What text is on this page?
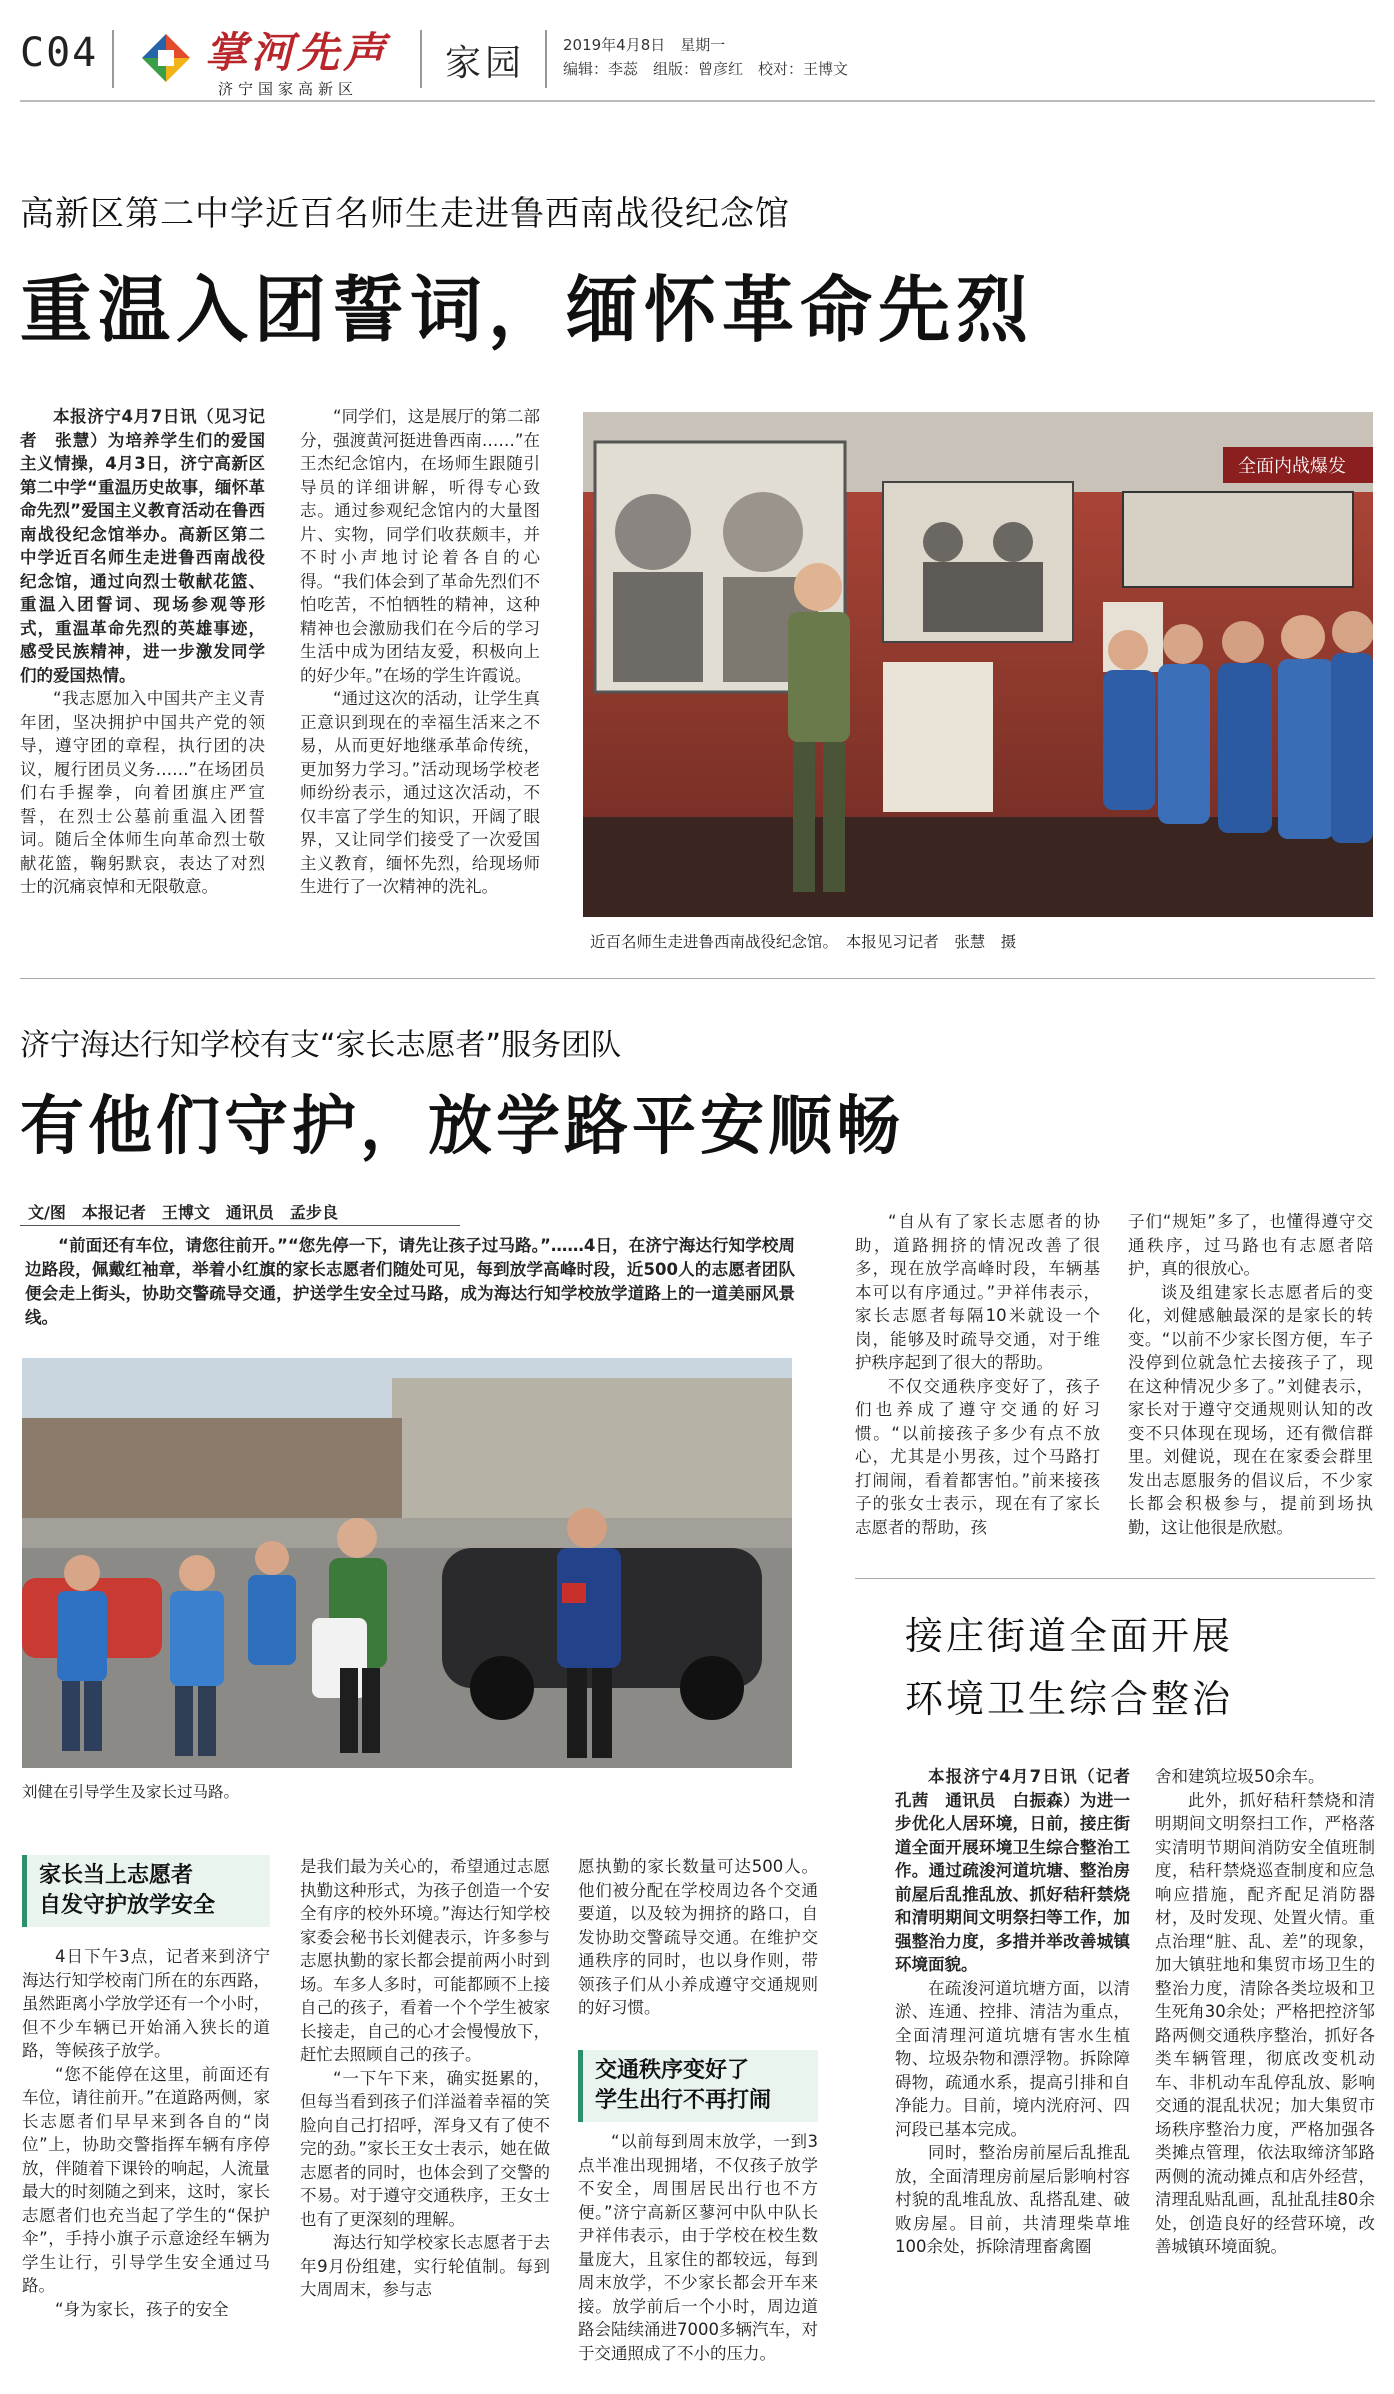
C04	掌河先声
济宁国家高新区
家园	2019年4月8日　星期一
编辑：李蕊　组版：曾彦红　校对：王博文
高新区第二中学近百名师生走进鲁西南战役纪念馆
重温入团誓词，缅怀革命先烈

本报济宁4月7日讯（见习记者　张慧）为培养学生们的爱国主义情操，4月3日，济宁高新区第二中学“重温历史故事，缅怀革命先烈”爱国主义教育活动在鲁西南战役纪念馆举办。高新区第二中学近百名师生走进鲁西南战役纪念馆，通过向烈士敬献花篮、重温入团誓词、现场参观等形式，重温革命先烈的英雄事迹，感受民族精神，进一步激发同学们的爱国热情。

“我志愿加入中国共产主义青年团，坚决拥护中国共产党的领导，遵守团的章程，执行团的决议，履行团员义务……”在场团员们右手握拳，向着团旗庄严宣誓，在烈士公墓前重温入团誓词。随后全体师生向革命烈士敬献花篮，鞠躬默哀，表达了对烈士的沉痛哀悼和无限敬意。

“同学们，这是展厅的第二部分，强渡黄河挺进鲁西南……”在王杰纪念馆内，在场师生跟随引导员的详细讲解，听得专心致志。通过参观纪念馆内的大量图片、实物，同学们收获颇丰，并不时小声地讨论着各自的心得。“我们体会到了革命先烈们不怕吃苦，不怕牺牲的精神，这种精神也会激励我们在今后的学习生活中成为团结友爱，积极向上的好少年。”在场的学生许霞说。

“通过这次的活动，让学生真正意识到现在的幸福生活来之不易，从而更好地继承革命传统，更加努力学习。”活动现场学校老师纷纷表示，通过这次活动，不仅丰富了学生的知识，开阔了眼界，又让同学们接受了一次爱国主义教育，缅怀先烈，给现场师生进行了一次精神的洗礼。

全面内战爆发
近百名师生走进鲁西南战役纪念馆。　本报见习记者　张慧　摄
济宁海达行知学校有支“家长志愿者”服务团队
有他们守护，放学路平安顺畅
文/图　本报记者　王博文　通讯员　孟步良

“前面还有车位，请您往前开。”“您先停一下，请先让孩子过马路。”……4日，在济宁海达行知学校周边路段，佩戴红袖章，举着小红旗的家长志愿者们随处可见，每到放学高峰时段，近500人的志愿者团队便会走上街头，协助交警疏导交通，护送学生安全过马路，成为海达行知学校放学道路上的一道美丽风景线。

刘健在引导学生及家长过马路。
家长当上志愿者
自发守护放学安全

4日下午3点，记者来到济宁海达行知学校南门所在的东西路，虽然距离小学放学还有一个小时，但不少车辆已开始涌入狭长的道路，等候孩子放学。

“您不能停在这里，前面还有车位，请往前开。”在道路两侧，家长志愿者们早早来到各自的“岗位”上，协助交警指挥车辆有序停放，伴随着下课铃的响起，人流量最大的时刻随之到来，这时，家长志愿者们也充当起了学生的“保护伞”，手持小旗子示意途经车辆为学生让行，引导学生安全通过马路。

“身为家长，孩子的安全

是我们最为关心的，希望通过志愿执勤这种形式，为孩子创造一个安全有序的校外环境。”海达行知学校家委会秘书长刘健表示，许多参与志愿执勤的家长都会提前两小时到场。车多人多时，可能都顾不上接自己的孩子，看着一个个学生被家长接走，自己的心才会慢慢放下，赶忙去照顾自己的孩子。

“一下午下来，确实挺累的，但每当看到孩子们洋溢着幸福的笑脸向自己打招呼，浑身又有了使不完的劲。”家长王女士表示，她在做志愿者的同时，也体会到了交警的不易。对于遵守交通秩序，王女士也有了更深刻的理解。

海达行知学校家长志愿者于去年9月份组建，实行轮值制。每到大周周末，参与志

愿执勤的家长数量可达500人。他们被分配在学校周边各个交通要道，以及较为拥挤的路口，自发协助交警疏导交通。在维护交通秩序的同时，也以身作则，带领孩子们从小养成遵守交通规则的好习惯。

交通秩序变好了
学生出行不再打闹

“以前每到周末放学，一到3点半准出现拥堵，不仅孩子放学不安全，周围居民出行也不方便。”济宁高新区蓼河中队中队长尹祥伟表示，由于学校在校生数量庞大，且家住的都较远，每到周末放学，不少家长都会开车来接。放学前后一个小时，周边道路会陆续涌进7000多辆汽车，对于交通照成了不小的压力。

“自从有了家长志愿者的协助，道路拥挤的情况改善了很多，现在放学高峰时段，车辆基本可以有序通过。”尹祥伟表示，家长志愿者每隔10米就设一个岗，能够及时疏导交通，对于维护秩序起到了很大的帮助。

不仅交通秩序变好了，孩子们也养成了遵守交通的好习惯。“以前接孩子多少有点不放心，尤其是小男孩，过个马路打打闹闹，看着都害怕。”前来接孩子的张女士表示，现在有了家长志愿者的帮助，孩

子们“规矩”多了，也懂得遵守交通秩序，过马路也有志愿者陪护，真的很放心。

谈及组建家长志愿者后的变化，刘健感触最深的是家长的转变。“以前不少家长图方便，车子没停到位就急忙去接孩子了，现在这种情况少多了。”刘健表示，家长对于遵守交通规则认知的改变不只体现在现场，还有微信群里。刘健说，现在在家委会群里发出志愿服务的倡议后，不少家长都会积极参与，提前到场执勤，这让他很是欣慰。

接庄街道全面开展
环境卫生综合整治

本报济宁4月7日讯（记者　孔茜　通讯员　白振森）为进一步优化人居环境，日前，接庄街道全面开展环境卫生综合整治工作。通过疏浚河道坑塘、整治房前屋后乱推乱放、抓好秸秆禁烧和清明期间文明祭扫等工作，加强整治力度，多措并举改善城镇环境面貌。

在疏浚河道坑塘方面，以清淤、连通、控排、清洁为重点，全面清理河道坑塘有害水生植物、垃圾杂物和漂浮物。拆除障碍物，疏通水系，提高引排和自净能力。目前，境内洸府河、四河段已基本完成。

同时，整治房前屋后乱推乱放，全面清理房前屋后影响村容村貌的乱堆乱放、乱搭乱建、破败房屋。目前，共清理柴草堆100余处，拆除清理畜禽圈

舍和建筑垃圾50余车。

此外，抓好秸秆禁烧和清明期间文明祭扫工作，严格落实清明节期间消防安全值班制度，秸秆禁烧巡查制度和应急响应措施，配齐配足消防器材，及时发现、处置火情。重点治理“脏、乱、差”的现象，加大镇驻地和集贸市场卫生的整治力度，清除各类垃圾和卫生死角30余处；严格把控济邹路两侧交通秩序整治，抓好各类车辆管理，彻底改变机动车、非机动车乱停乱放、影响交通的混乱状况；加大集贸市场秩序整治力度，严格加强各类摊点管理，依法取缔济邹路两侧的流动摊点和店外经营，清理乱贴乱画，乱扯乱挂80余处，创造良好的经营环境，改善城镇环境面貌。
